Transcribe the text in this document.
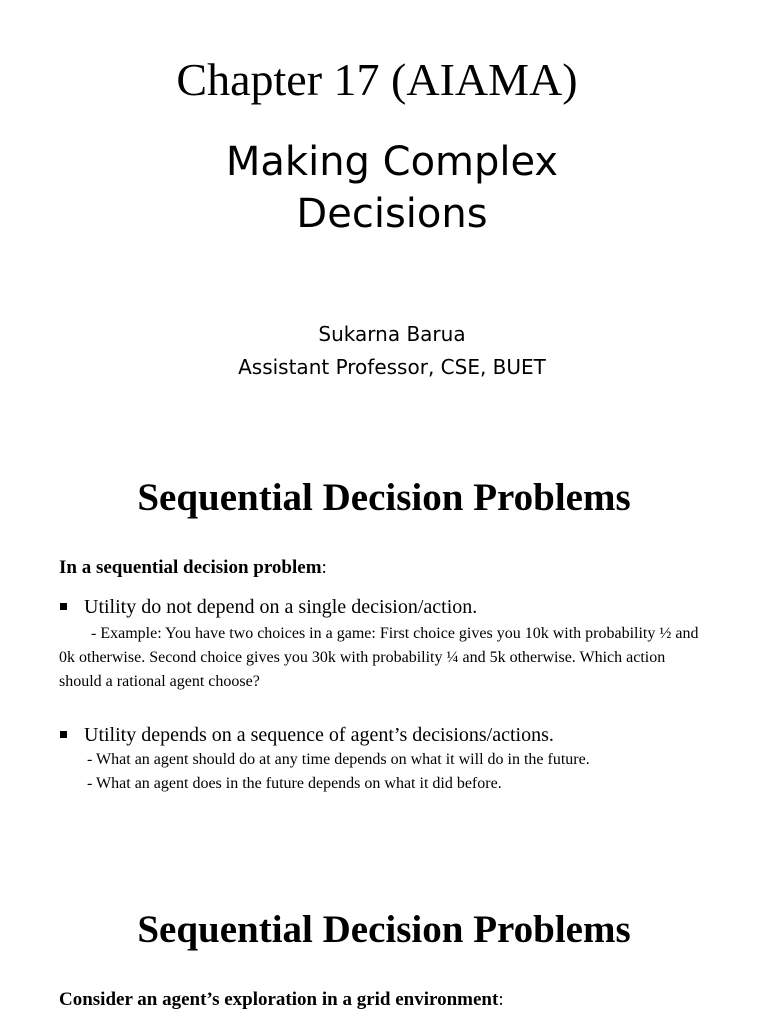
Chapter 17 (AIAMA)
Making Complex
Decisions
Sukarna Barua
Assistant Professor, CSE, BUET
Sequential Decision Problems
In a sequential decision problem:
Utility do not depend on a single decision/action.
- Example: You have two choices in a game: First choice gives you 10k with probability ½ and 0k otherwise. Second choice gives you 30k with probability ¼ and 5k otherwise. Which action should a rational agent choose?
Utility depends on a sequence of agent’s decisions/actions.
- What an agent should do at any time depends on what it will do in the future.
- What an agent does in the future depends on what it did before.
Sequential Decision Problems
Consider an agent’s exploration in a grid environment:
